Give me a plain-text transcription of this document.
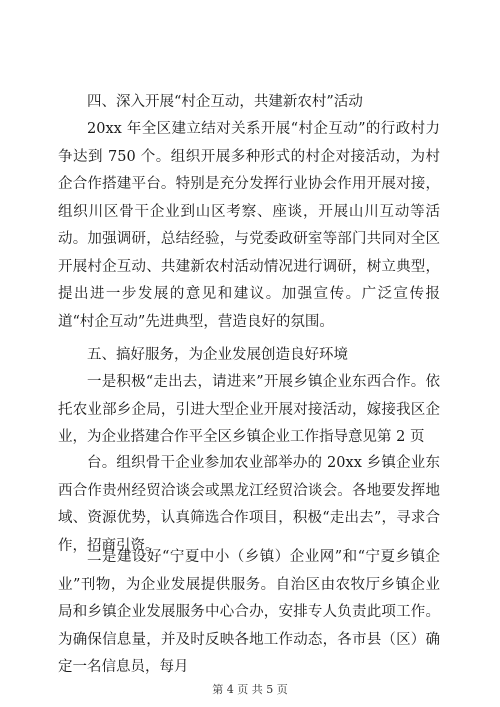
四、深入开展“村企互动，共建新农村”活动

20xx 年全区建立结对关系开展“村企互动”的行政村力争达到 750 个。组织开展多种形式的村企对接活动，为村企合作搭建平台。特别是充分发挥行业协会作用开展对接，组织川区骨干企业到山区考察、座谈，开展山川互动等活动。加强调研，总结经验，与党委政研室等部门共同对全区开展村企互动、共建新农村活动情况进行调研，树立典型，提出进一步发展的意见和建议。加强宣传。广泛宣传报道“村企互动”先进典型，营造良好的氛围。

五、搞好服务，为企业发展创造良好环境

一是积极“走出去，请进来”开展乡镇企业东西合作。依托农业部乡企局，引进大型企业开展对接活动，嫁接我区企业，为企业搭建合作平全区乡镇企业工作指导意见第 2 页

台。组织骨干企业参加农业部举办的 20xx 乡镇企业东西合作贵州经贸洽谈会或黑龙江经贸洽谈会。各地要发挥地域、资源优势，认真筛选合作项目，积极“走出去”，寻求合作，招商引资。

二是建设好“宁夏中小（乡镇）企业网”和“宁夏乡镇企业”刊物，为企业发展提供服务。自治区由农牧厅乡镇企业局和乡镇企业发展服务中心合办，安排专人负责此项工作。为确保信息量，并及时反映各地工作动态，各市县（区）确定一名信息员，每月

第 4 页 共 5 页
